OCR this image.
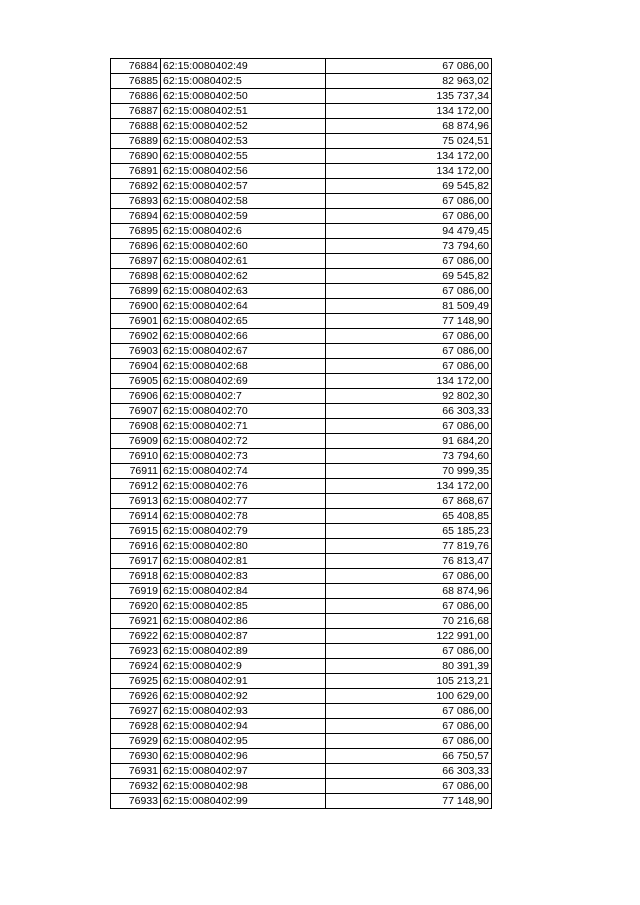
76884	62:15:0080402:49	67 086,00
76885	62:15:0080402:5	82 963,02
76886	62:15:0080402:50	135 737,34
76887	62:15:0080402:51	134 172,00
76888	62:15:0080402:52	68 874,96
76889	62:15:0080402:53	75 024,51
76890	62:15:0080402:55	134 172,00
76891	62:15:0080402:56	134 172,00
76892	62:15:0080402:57	69 545,82
76893	62:15:0080402:58	67 086,00
76894	62:15:0080402:59	67 086,00
76895	62:15:0080402:6	94 479,45
76896	62:15:0080402:60	73 794,60
76897	62:15:0080402:61	67 086,00
76898	62:15:0080402:62	69 545,82
76899	62:15:0080402:63	67 086,00
76900	62:15:0080402:64	81 509,49
76901	62:15:0080402:65	77 148,90
76902	62:15:0080402:66	67 086,00
76903	62:15:0080402:67	67 086,00
76904	62:15:0080402:68	67 086,00
76905	62:15:0080402:69	134 172,00
76906	62:15:0080402:7	92 802,30
76907	62:15:0080402:70	66 303,33
76908	62:15:0080402:71	67 086,00
76909	62:15:0080402:72	91 684,20
76910	62:15:0080402:73	73 794,60
76911	62:15:0080402:74	70 999,35
76912	62:15:0080402:76	134 172,00
76913	62:15:0080402:77	67 868,67
76914	62:15:0080402:78	65 408,85
76915	62:15:0080402:79	65 185,23
76916	62:15:0080402:80	77 819,76
76917	62:15:0080402:81	76 813,47
76918	62:15:0080402:83	67 086,00
76919	62:15:0080402:84	68 874,96
76920	62:15:0080402:85	67 086,00
76921	62:15:0080402:86	70 216,68
76922	62:15:0080402:87	122 991,00
76923	62:15:0080402:89	67 086,00
76924	62:15:0080402:9	80 391,39
76925	62:15:0080402:91	105 213,21
76926	62:15:0080402:92	100 629,00
76927	62:15:0080402:93	67 086,00
76928	62:15:0080402:94	67 086,00
76929	62:15:0080402:95	67 086,00
76930	62:15:0080402:96	66 750,57
76931	62:15:0080402:97	66 303,33
76932	62:15:0080402:98	67 086,00
76933	62:15:0080402:99	77 148,90
